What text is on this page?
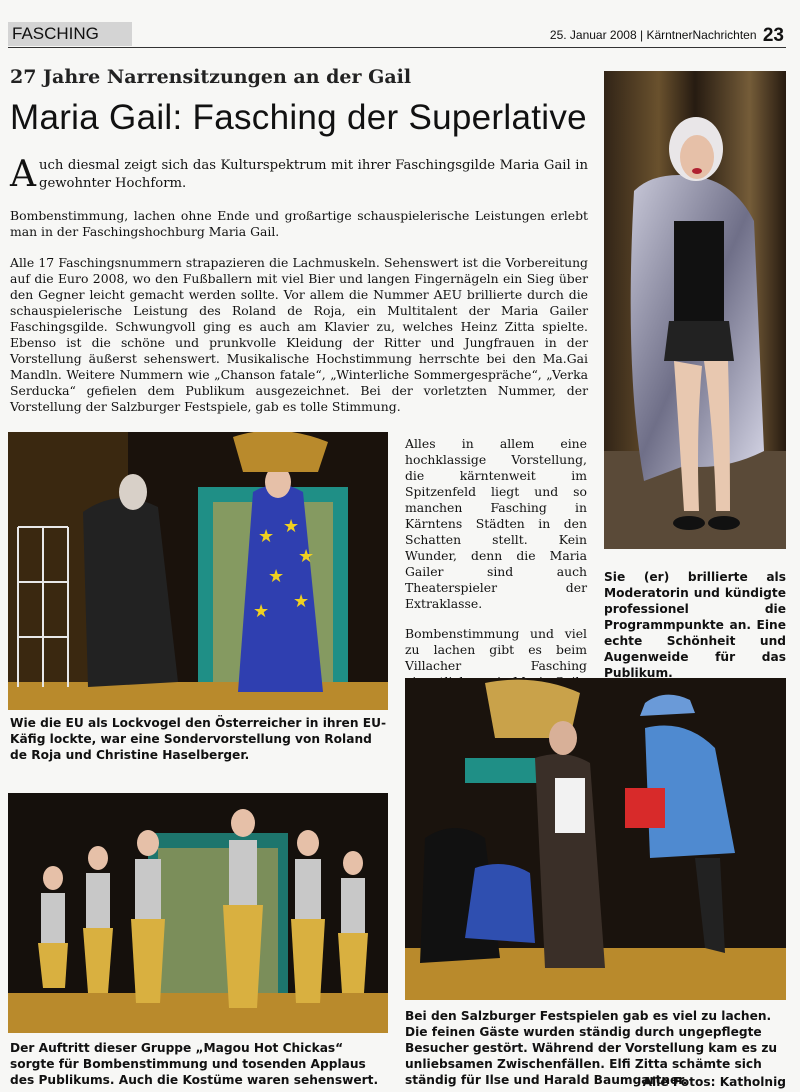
FASCHING	25. Januar 2008 | KärntnerNachrichten 23
27 Jahre Narrensitzungen an der Gail
Maria Gail: Fasching der Superlative
Auch diesmal zeigt sich das Kulturspektrum mit ihrer Faschingsgilde Maria Gail in gewohnter Hochform.

Bombenstimmung, lachen ohne Ende und großartige schauspielerische Leistungen erlebt man in der Faschingshochburg Maria Gail.

Alle 17 Faschingsnummern strapazieren die Lachmuskeln. Sehenswert ist die Vorbereitung auf die Euro 2008, wo den Fußballern mit viel Bier und langen Fingernägeln ein Sieg über den Gegner leicht gemacht werden sollte. Vor allem die Nummer AEU brillierte durch die schauspielerische Leistung des Roland de Roja, ein Multitalent der Maria Gailer Faschingsgilde. Schwungvoll ging es auch am Klavier zu, welches Heinz Zitta spielte. Ebenso ist die schöne und prunkvolle Kleidung der Ritter und Jungfrauen in der Vorstellung äußerst sehenswert. Musikalische Hochstimmung herrschte bei den Ma.Gai Mandln. Weitere Nummern wie „Chanson fatale“, „Winterliche Sommergespräche“, „Verka Serducka“ gefielen dem Publikum ausgezeichnet. Bei der vorletzten Nummer, der Vorstellung der Salzburger Festspiele, gab es tolle Stimmung.

Alles in allem eine hochklassige Vorstellung, die kärntenweit im Spitzenfeld liegt und so manchen Fasching in Kärntens Städten in den Schatten stellt. Kein Wunder, denn die Maria Gailer sind auch Theaterspieler der Extraklasse.

Bombenstimmung und viel zu lachen gibt es beim Villacher Fasching

★ ★
★
★
★
★
Wie die EU als Lockvogel den Österreicher in ihren EU-Käfig lockte, war eine Sondervorstellung von Roland de Roja und Christine Haselberger.
Sie (er) brillierte als Moderatorin und kündigte professionel die Programmpunkte an. Eine echte Schönheit und Augenweide für das Publikum.
Der Auftritt dieser Gruppe „Magou Hot Chickas“ sorgte für Bombenstimmung und tosenden Applaus des Publikums. Auch die Kostüme waren sehenswert.
Bei den Salzburger Festspielen gab es viel zu lachen. Die feinen Gäste wurden ständig durch ungepflegte Besucher gestört. Während der Vorstellung kam es zu unliebsamen Zwischenfällen. Elfi Zitta schämte sich ständig für Ilse und Harald Baumgartner.
Alle Fotos: Katholnig
